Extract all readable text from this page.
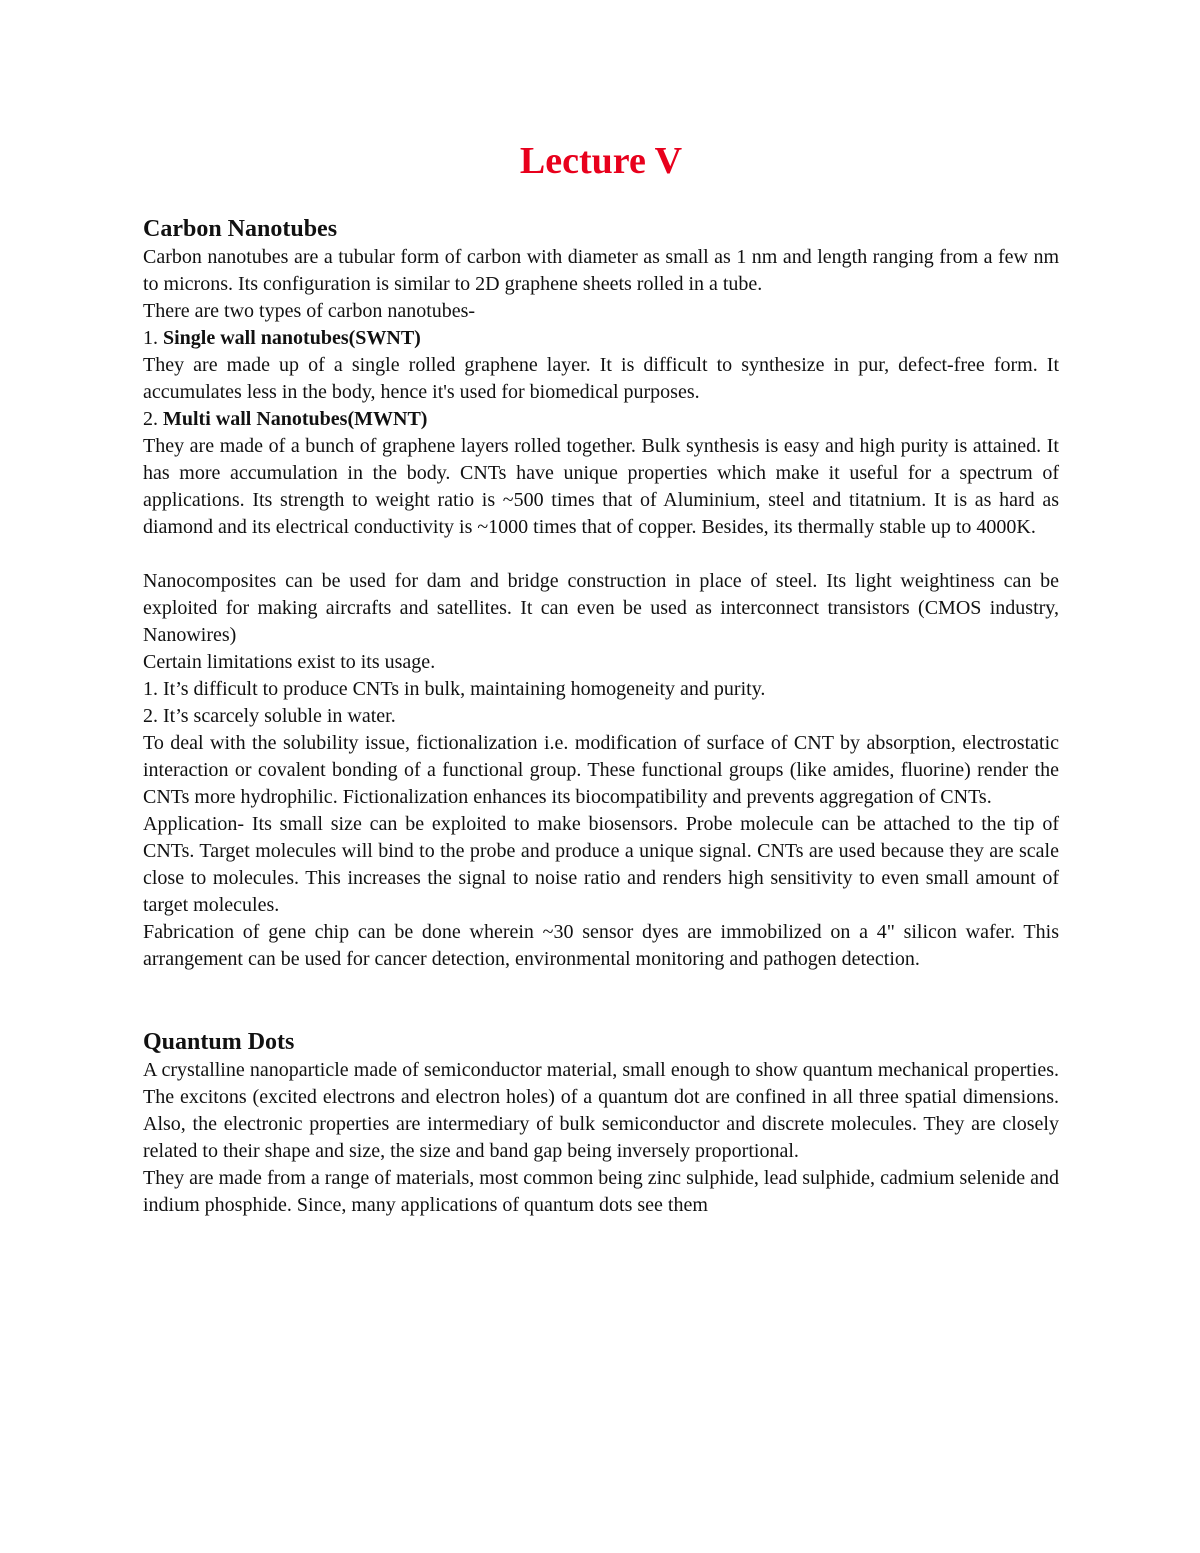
Lecture V
Carbon Nanotubes

Carbon nanotubes are a tubular form of carbon with diameter as small as 1 nm and length ranging from a few nm to microns. Its configuration is similar to 2D graphene sheets rolled in a tube.

There are two types of carbon nanotubes-

1. Single wall nanotubes(SWNT)

They are made up of a single rolled graphene layer. It is difficult to synthesize in pur, defect-free form. It accumulates less in the body, hence it's used for biomedical purposes.

2. Multi wall Nanotubes(MWNT)

They are made of a bunch of graphene layers rolled together. Bulk synthesis is easy and high purity is attained. It has more accumulation in the body. CNTs have unique properties which make it useful for a spectrum of applications. Its strength to weight ratio is ~500 times that of Aluminium, steel and titatnium. It is as hard as diamond and its electrical conductivity is ~1000 times that of copper. Besides, its thermally stable up to 4000K.

Nanocomposites can be used for dam and bridge construction in place of steel. Its light weightiness can be exploited for making aircrafts and satellites. It can even be used as interconnect transistors (CMOS industry, Nanowires)

Certain limitations exist to its usage.

1. It’s difficult to produce CNTs in bulk, maintaining homogeneity and purity.

2. It’s scarcely soluble in water.

To deal with the solubility issue, fictionalization i.e. modification of surface of CNT by absorption, electrostatic interaction or covalent bonding of a functional group. These functional groups (like amides, fluorine) render the CNTs more hydrophilic. Fictionalization enhances its biocompatibility and prevents aggregation of CNTs.

Application- Its small size can be exploited to make biosensors. Probe molecule can be attached to the tip of CNTs. Target molecules will bind to the probe and produce a unique signal. CNTs are used because they are scale close to molecules. This increases the signal to noise ratio and renders high sensitivity to even small amount of target molecules.

Fabrication of gene chip can be done wherein ~30 sensor dyes are immobilized on a 4" silicon wafer. This arrangement can be used for cancer detection, environmental monitoring and pathogen detection.

Quantum Dots

A crystalline nanoparticle made of semiconductor material, small enough to show quantum mechanical properties. The excitons (excited electrons and electron holes) of a quantum dot are confined in all three spatial dimensions. Also, the electronic properties are intermediary of bulk semiconductor and discrete molecules. They are closely related to their shape and size, the size and band gap being inversely proportional.

They are made from a range of materials, most common being zinc sulphide, lead sulphide, cadmium selenide and indium phosphide. Since, many applications of quantum dots see them
